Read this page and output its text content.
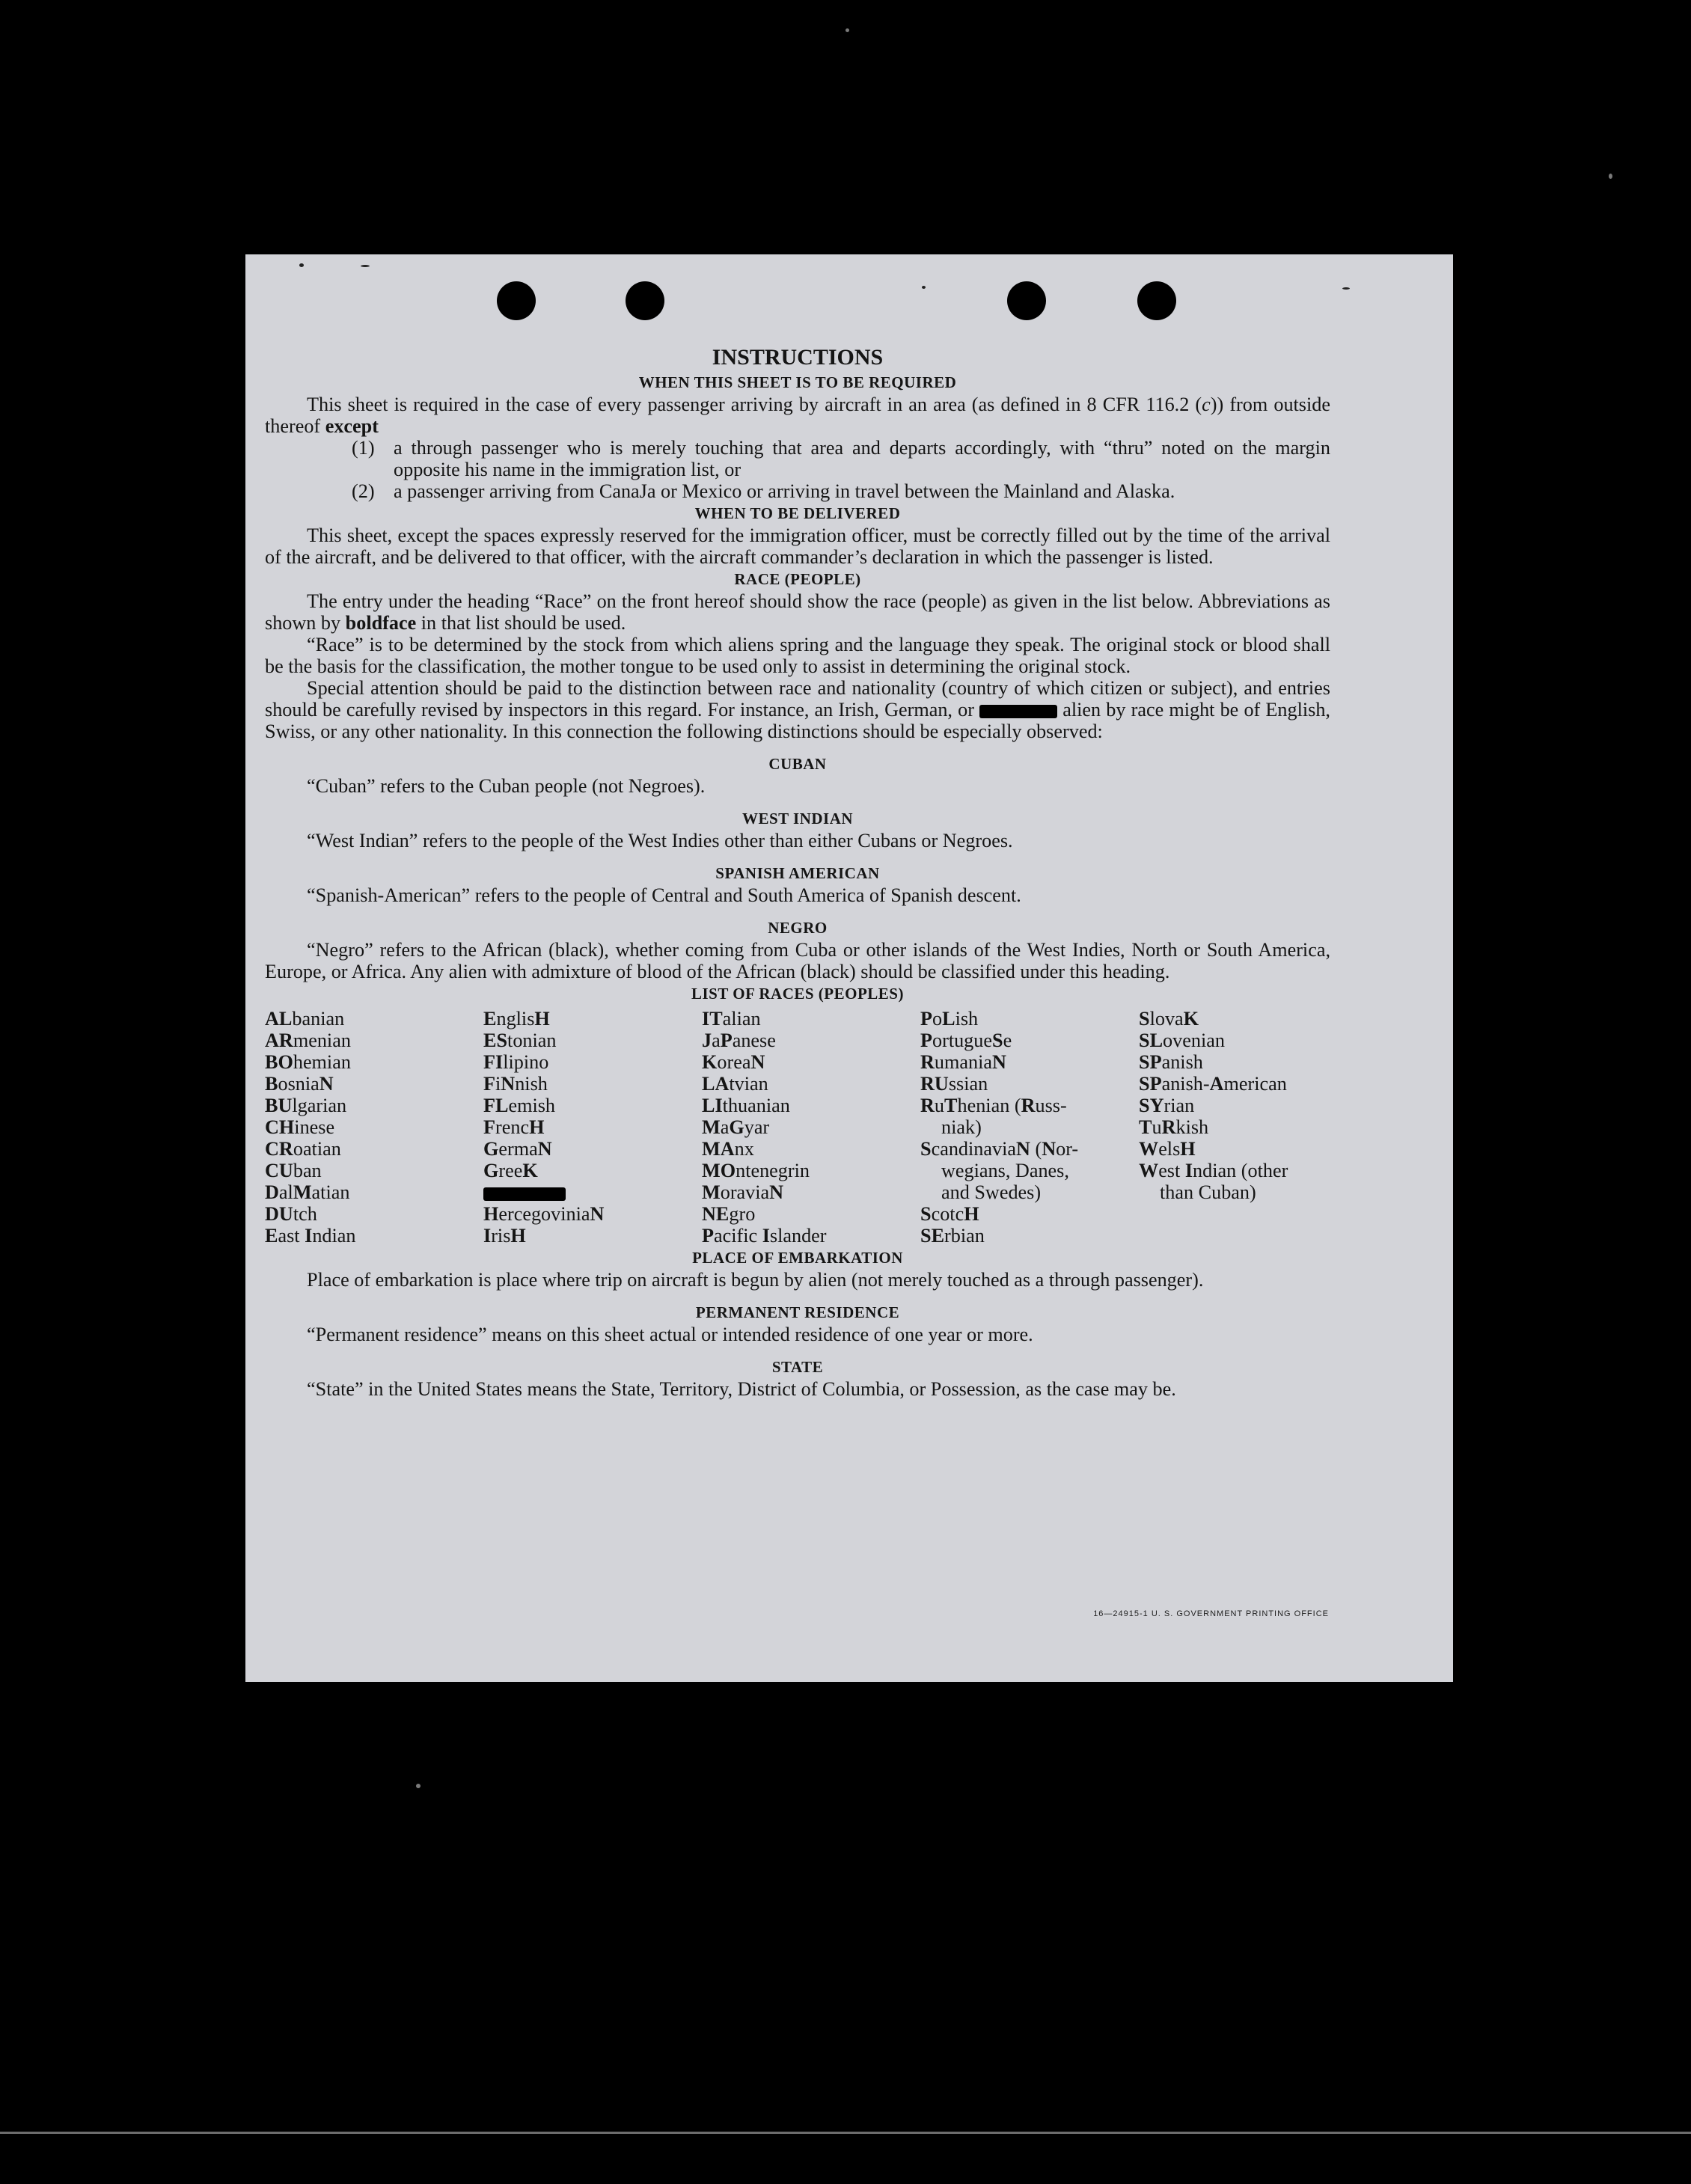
INSTRUCTIONS

WHEN THIS SHEET IS TO BE REQUIRED

This sheet is required in the case of every passenger arriving by aircraft in an area (as defined in 8 CFR 116.2 (c)) from outside thereof except

(1) a through passenger who is merely touching that area and departs accordingly, with “thru” noted on the margin opposite his name in the immigration list, or
(2) a passenger arriving from CanaJa or Mexico or arriving in travel between the Mainland and Alaska.

WHEN TO BE DELIVERED

This sheet, except the spaces expressly reserved for the immigration officer, must be correctly filled out by the time of the arrival of the aircraft, and be delivered to that officer, with the aircraft commander’s declaration in which the passenger is listed.

RACE (PEOPLE)

The entry under the heading “Race” on the front hereof should show the race (people) as given in the list below. Abbreviations as shown by boldface in that list should be used.

“Race” is to be determined by the stock from which aliens spring and the language they speak. The original stock or blood shall be the basis for the classification, the mother tongue to be used only to assist in determining the original stock.

Special attention should be paid to the distinction between race and nationality (country of which citizen or subject), and entries should be carefully revised by inspectors in this regard. For instance, an Irish, German, or	alien by race might be of English, Swiss, or any other nationality. In this connection the following distinctions should be especially observed:

CUBAN

“Cuban” refers to the Cuban people (not Negroes).

WEST INDIAN

“West Indian” refers to the people of the West Indies other than either Cubans or Negroes.

SPANISH AMERICAN

“Spanish-American” refers to the people of Central and South America of Spanish descent.

NEGRO

“Negro” refers to the African (black), whether coming from Cuba or other islands of the West Indies, North or South America, Europe, or Africa. Any alien with admixture of blood of the African (black) should be classified under this heading.

LIST OF RACES (PEOPLES)

ALbanian
ARmenian
BOhemian
BosniaN
BUlgarian
CHinese
CRoatian
CUban
DalMatian
DUtch
East Indian
EnglisH
EStonian
FIlipino
FiNnish
FLemish
FrencH
GermaN
GreeK
HercegoviniaN
IrisH
ITalian
JaPanese
KoreaN
LAtvian
LIthuanian
MaGyar
MAnx
MOntenegrin
MoraviaN
NEgro
Pacific Islander
PoLish
PortugueSe
RumaniaN
RUssian
RuThenian (Russ-
niak)
ScandinaviaN (Nor-
wegians, Danes,
and Swedes)
ScotcH
SErbian
SlovaK
SLovenian
SPanish
SPanish-American
SYrian
TuRkish
WelsH
West Indian (other
than Cuban)

PLACE OF EMBARKATION

Place of embarkation is place where trip on aircraft is begun by alien (not merely touched as a through passenger).

PERMANENT RESIDENCE

“Permanent residence” means on this sheet actual or intended residence of one year or more.

STATE

“State” in the United States means the State, Territory, District of Columbia, or Possession, as the case may be.

16—24915-1 U. S. GOVERNMENT PRINTING OFFICE
